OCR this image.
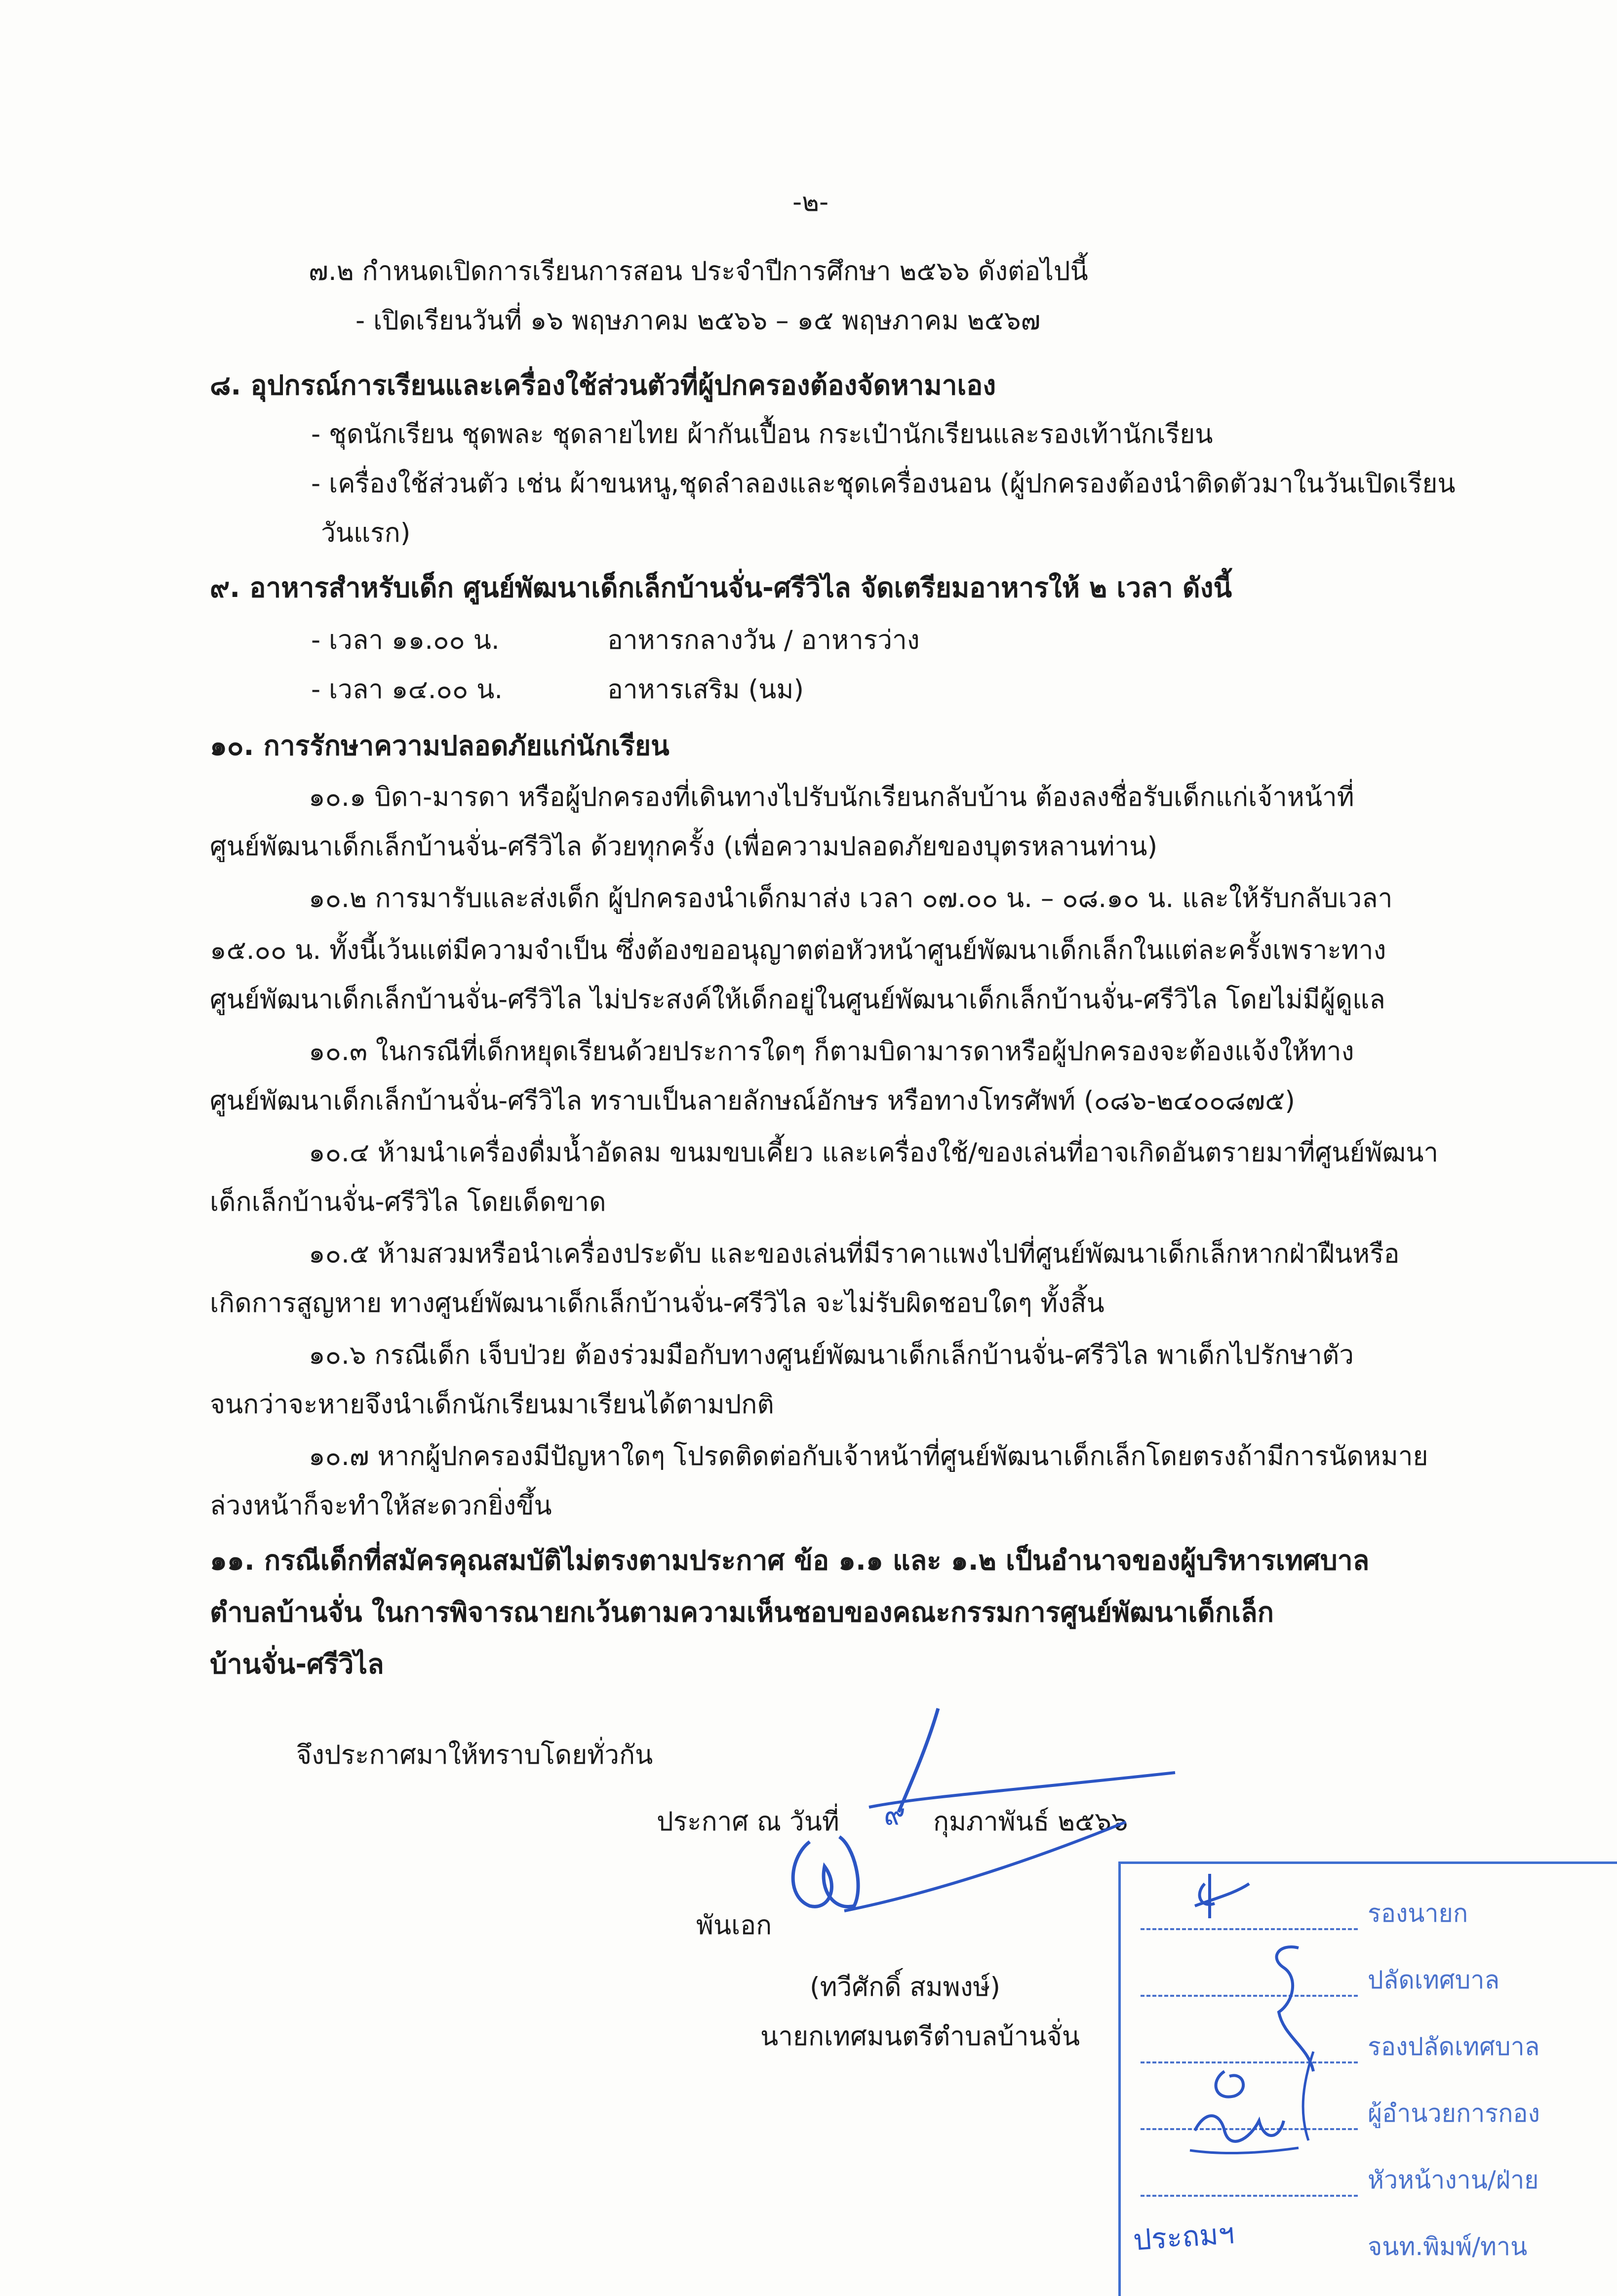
-๒-
๗.๒ กำหนดเปิดการเรียนการสอน ประจำปีการศึกษา ๒๕๖๖ ดังต่อไปนี้
- เปิดเรียนวันที่ ๑๖ พฤษภาคม ๒๕๖๖ – ๑๕ พฤษภาคม ๒๕๖๗
๘. อุปกรณ์การเรียนและเครื่องใช้ส่วนตัวที่ผู้ปกครองต้องจัดหามาเอง
- ชุดนักเรียน ชุดพละ ชุดลายไทย ผ้ากันเปื้อน กระเป๋านักเรียนและรองเท้านักเรียน
- เครื่องใช้ส่วนตัว เช่น ผ้าขนหนู,ชุดลำลองและชุดเครื่องนอน (ผู้ปกครองต้องนำติดตัวมาในวันเปิดเรียน
วันแรก)
๙. อาหารสำหรับเด็ก ศูนย์พัฒนาเด็กเล็กบ้านจั่น-ศรีวิไล จัดเตรียมอาหารให้ ๒ เวลา ดังนี้
- เวลา ๑๑.๐๐ น.	อาหารกลางวัน / อาหารว่าง
- เวลา ๑๔.๐๐ น.	อาหารเสริม (นม)
๑๐. การรักษาความปลอดภัยแก่นักเรียน
๑๐.๑ บิดา-มารดา หรือผู้ปกครองที่เดินทางไปรับนักเรียนกลับบ้าน ต้องลงชื่อรับเด็กแก่เจ้าหน้าที่
ศูนย์พัฒนาเด็กเล็กบ้านจั่น-ศรีวิไล ด้วยทุกครั้ง (เพื่อความปลอดภัยของบุตรหลานท่าน)
๑๐.๒ การมารับและส่งเด็ก ผู้ปกครองนำเด็กมาส่ง เวลา ๐๗.๐๐ น. – ๐๘.๑๐ น. และให้รับกลับเวลา
๑๕.๐๐ น. ทั้งนี้เว้นแต่มีความจำเป็น ซึ่งต้องขออนุญาตต่อหัวหน้าศูนย์พัฒนาเด็กเล็กในแต่ละครั้งเพราะทาง
ศูนย์พัฒนาเด็กเล็กบ้านจั่น-ศรีวิไล ไม่ประสงค์ให้เด็กอยู่ในศูนย์พัฒนาเด็กเล็กบ้านจั่น-ศรีวิไล โดยไม่มีผู้ดูแล
๑๐.๓ ในกรณีที่เด็กหยุดเรียนด้วยประการใดๆ ก็ตามบิดามารดาหรือผู้ปกครองจะต้องแจ้งให้ทาง
ศูนย์พัฒนาเด็กเล็กบ้านจั่น-ศรีวิไล ทราบเป็นลายลักษณ์อักษร หรือทางโทรศัพท์ (๐๘๖-๒๔๐๐๘๗๕)
๑๐.๔ ห้ามนำเครื่องดื่มน้ำอัดลม ขนมขบเคี้ยว และเครื่องใช้/ของเล่นที่อาจเกิดอันตรายมาที่ศูนย์พัฒนา
เด็กเล็กบ้านจั่น-ศรีวิไล โดยเด็ดขาด
๑๐.๕ ห้ามสวมหรือนำเครื่องประดับ และของเล่นที่มีราคาแพงไปที่ศูนย์พัฒนาเด็กเล็กหากฝ่าฝืนหรือ
เกิดการสูญหาย ทางศูนย์พัฒนาเด็กเล็กบ้านจั่น-ศรีวิไล จะไม่รับผิดชอบใดๆ ทั้งสิ้น
๑๐.๖ กรณีเด็ก เจ็บป่วย ต้องร่วมมือกับทางศูนย์พัฒนาเด็กเล็กบ้านจั่น-ศรีวิไล พาเด็กไปรักษาตัว
จนกว่าจะหายจึงนำเด็กนักเรียนมาเรียนได้ตามปกติ
๑๐.๗ หากผู้ปกครองมีปัญหาใดๆ โปรดติดต่อกับเจ้าหน้าที่ศูนย์พัฒนาเด็กเล็กโดยตรงถ้ามีการนัดหมาย
ล่วงหน้าก็จะทำให้สะดวกยิ่งขึ้น
๑๑. กรณีเด็กที่สมัครคุณสมบัติไม่ตรงตามประกาศ ข้อ ๑.๑ และ ๑.๒ เป็นอำนาจของผู้บริหารเทศบาล
ตำบลบ้านจั่น ในการพิจารณายกเว้นตามความเห็นชอบของคณะกรรมการศูนย์พัฒนาเด็กเล็ก
บ้านจั่น-ศรีวิไล
จึงประกาศมาให้ทราบโดยทั่วกัน
ประกาศ ณ วันที่ ๙ กุมภาพันธ์ ๒๕๖๖
พันเอก
(ทวีศักดิ์ สมพงษ์)
นายกเทศมนตรีตำบลบ้านจั่น
รองนายก
ปลัดเทศบาล
รองปลัดเทศบาล
ผู้อำนวยการกอง
หัวหน้างาน/ฝ่าย
จนท.พิมพ์/ทาน
ประถมฯ
